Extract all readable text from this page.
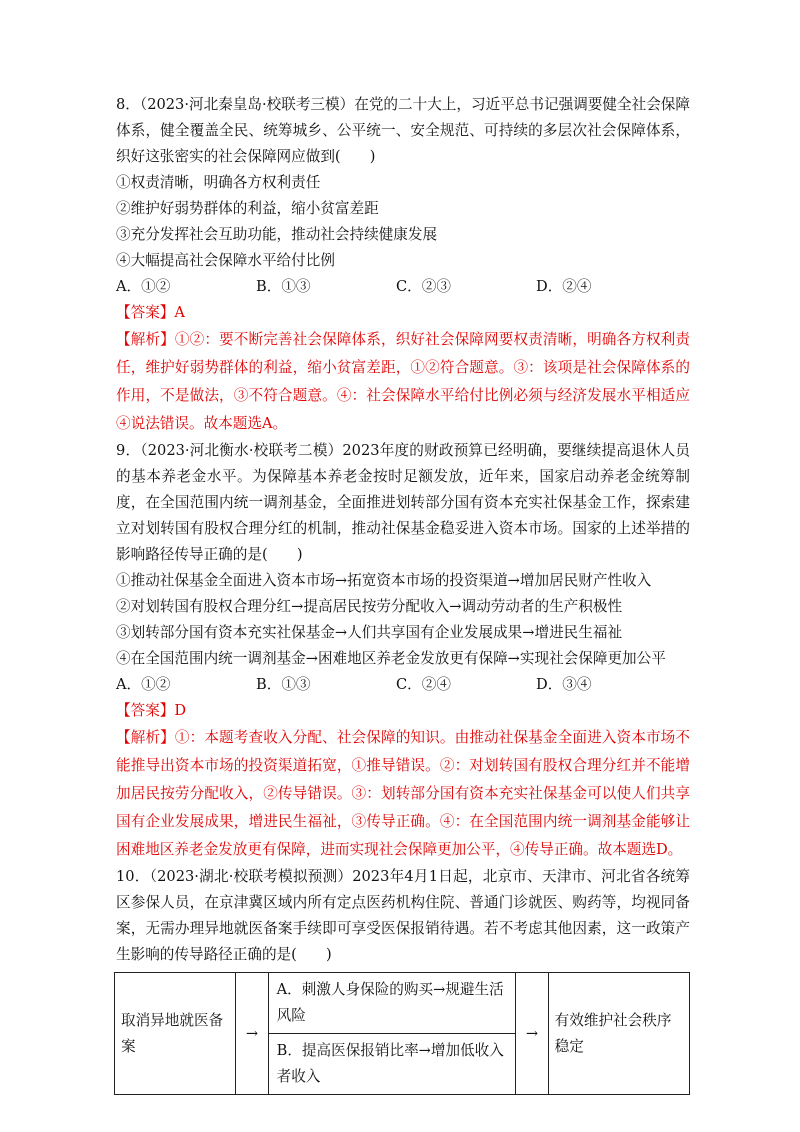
8．（2023·河北秦皇岛·校联考三模）在党的二十大上，习近平总书记强调要健全社会保障体系，健全覆盖全民、统筹城乡、公平统一、安全规范、可持续的多层次社会保障体系，织好这张密实的社会保障网应做到(　　)

①权责清晰，明确各方权利责任

②维护好弱势群体的利益，缩小贫富差距

③充分发挥社会互助功能，推动社会持续健康发展

④大幅提高社会保障水平给付比例

A．①②	B．①③	C．②③	D．②④

【答案】A

【解析】①②：要不断完善社会保障体系，织好社会保障网要权责清晰，明确各方权利责任，维护好弱势群体的利益，缩小贫富差距，①②符合题意。③：该项是社会保障体系的作用，不是做法，③不符合题意。④：社会保障水平给付比例必须与经济发展水平相适应④说法错误。故本题选A。

9．（2023·河北衡水·校联考二模）2023年度的财政预算已经明确，要继续提高退休人员的基本养老金水平。为保障基本养老金按时足额发放，近年来，国家启动养老金统筹制度，在全国范围内统一调剂基金，全面推进划转部分国有资本充实社保基金工作，探索建立对划转国有股权合理分红的机制，推动社保基金稳妥进入资本市场。国家的上述举措的影响路径传导正确的是(　　)

①推动社保基金全面进入资本市场→拓宽资本市场的投资渠道→增加居民财产性收入

②对划转国有股权合理分红→提高居民按劳分配收入→调动劳动者的生产积极性

③划转部分国有资本充实社保基金→人们共享国有企业发展成果→增进民生福祉

④在全国范围内统一调剂基金→困难地区养老金发放更有保障→实现社会保障更加公平

A．①②	B．①③	C．②④	D．③④

【答案】D

【解析】①：本题考查收入分配、社会保障的知识。由推动社保基金全面进入资本市场不能推导出资本市场的投资渠道拓宽，①推导错误。②：对划转国有股权合理分红并不能增加居民按劳分配收入，②传导错误。③：划转部分国有资本充实社保基金可以使人们共享国有企业发展成果，增进民生福祉，③传导正确。④：在全国范围内统一调剂基金能够让困难地区养老金发放更有保障，进而实现社会保障更加公平，④传导正确。故本题选D。

10．（2023·湖北·校联考模拟预测）2023年4月1日起，北京市、天津市、河北省各统筹区参保人员，在京津冀区域内所有定点医药机构住院、普通门诊就医、购药等，均视同备案，无需办理异地就医备案手续即可享受医保报销待遇。若不考虑其他因素，这一政策产生影响的传导路径正确的是(　　)

取消异地就医备案	→	A．刺激人身保险的购买→规避生活风险	→	有效维护社会秩序稳定
B．提高医保报销比率→增加低收入者收入
